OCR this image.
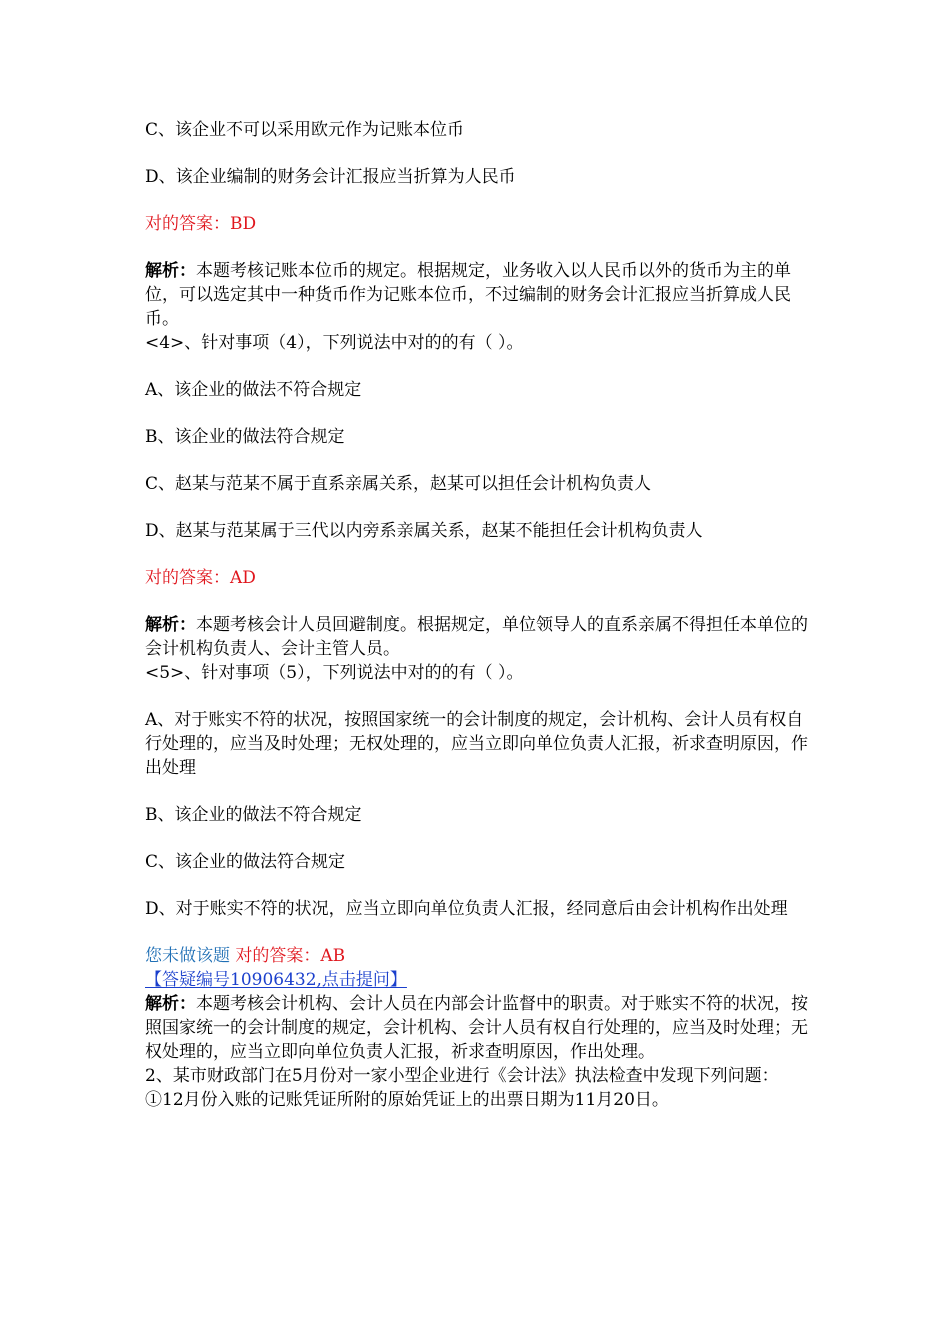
C、该企业不可以采用欧元作为记账本位币

D、该企业编制的财务会计汇报应当折算为人民币

对的答案：BD

解析：本题考核记账本位币的规定。根据规定，业务收入以人民币以外的货币为主的单位，可以选定其中一种货币作为记账本位币，不过编制的财务会计汇报应当折算成人民币。

<4>、针对事项（4），下列说法中对的的有（ ）。

A、该企业的做法不符合规定

B、该企业的做法符合规定

C、赵某与范某不属于直系亲属关系，赵某可以担任会计机构负责人

D、赵某与范某属于三代以内旁系亲属关系，赵某不能担任会计机构负责人

对的答案：AD

解析：本题考核会计人员回避制度。根据规定，单位领导人的直系亲属不得担任本单位的会计机构负责人、会计主管人员。

<5>、针对事项（5），下列说法中对的的有（ ）。

A、对于账实不符的状况，按照国家统一的会计制度的规定，会计机构、会计人员有权自行处理的，应当及时处理；无权处理的，应当立即向单位负责人汇报，祈求查明原因，作出处理

B、该企业的做法不符合规定

C、该企业的做法符合规定

D、对于账实不符的状况，应当立即向单位负责人汇报，经同意后由会计机构作出处理

您未做该题 对的答案：AB

【答疑编号10906432,点击提问】

解析：本题考核会计机构、会计人员在内部会计监督中的职责。对于账实不符的状况，按照国家统一的会计制度的规定，会计机构、会计人员有权自行处理的，应当及时处理；无权处理的，应当立即向单位负责人汇报，祈求查明原因，作出处理。

2、某市财政部门在5月份对一家小型企业进行《会计法》执法检查中发现下列问题：

①12月份入账的记账凭证所附的原始凭证上的出票日期为11月20日。
